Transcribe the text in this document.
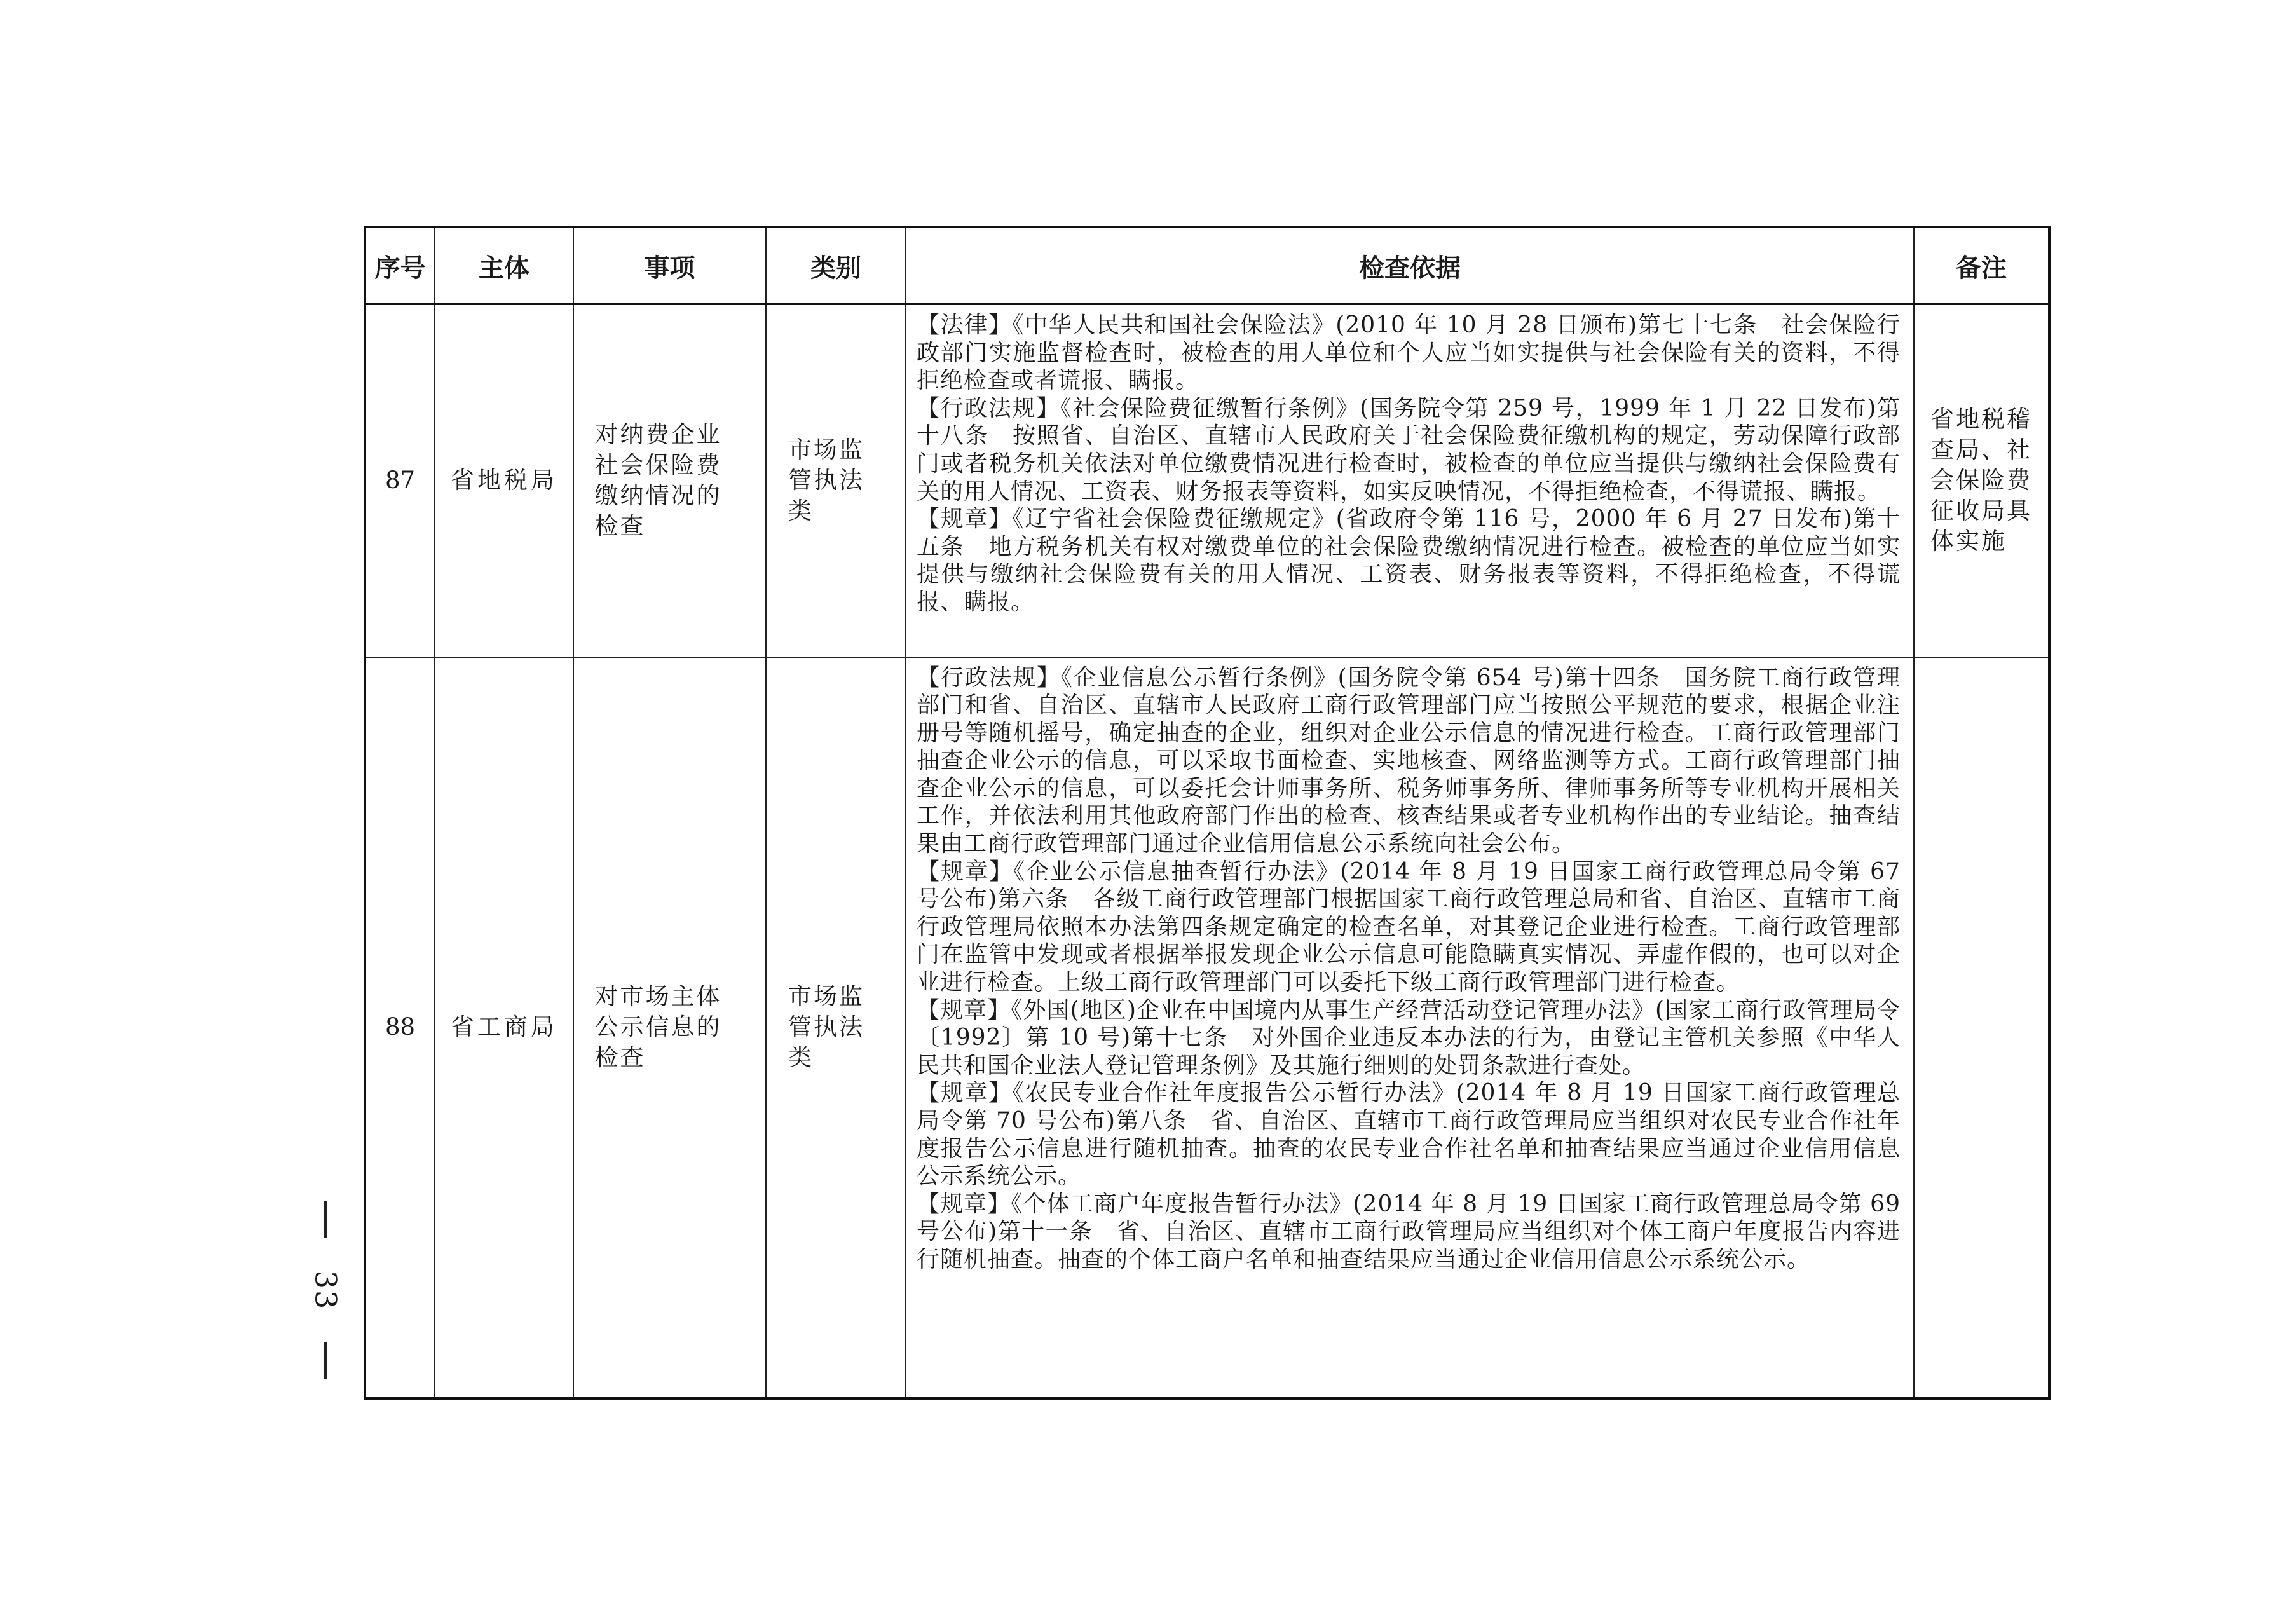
序号	主体	事项	类别	检查依据	备注
87	省地税局	对纳费企业社会保险费缴纳情况的检查	市场监管执法类	【法律】《中华人民共和国社会保险法》(2010 年 10 月 28 日颁布)第七十七条　社会保险行政部门实施监督检查时，被检查的用人单位和个人应当如实提供与社会保险有关的资料，不得拒绝检查或者谎报、瞒报。
【行政法规】《社会保险费征缴暂行条例》(国务院令第 259 号，1999 年 1 月 22 日发布)第十八条　按照省、自治区、直辖市人民政府关于社会保险费征缴机构的规定，劳动保障行政部门或者税务机关依法对单位缴费情况进行检查时，被检查的单位应当提供与缴纳社会保险费有关的用人情况、工资表、财务报表等资料，如实反映情况，不得拒绝检查，不得谎报、瞒报。
【规章】《辽宁省社会保险费征缴规定》(省政府令第 116 号，2000 年 6 月 27 日发布)第十五条　地方税务机关有权对缴费单位的社会保险费缴纳情况进行检查。被检查的单位应当如实提供与缴纳社会保险费有关的用人情况、工资表、财务报表等资料，不得拒绝检查，不得谎报、瞒报。	省地税稽查局、社会保险费征收局具体实施
88	省工商局	对市场主体公示信息的检查	市场监管执法类	【行政法规】《企业信息公示暂行条例》(国务院令第 654 号)第十四条　国务院工商行政管理部门和省、自治区、直辖市人民政府工商行政管理部门应当按照公平规范的要求，根据企业注册号等随机摇号，确定抽查的企业，组织对企业公示信息的情况进行检查。工商行政管理部门抽查企业公示的信息，可以采取书面检查、实地核查、网络监测等方式。工商行政管理部门抽查企业公示的信息，可以委托会计师事务所、税务师事务所、律师事务所等专业机构开展相关工作，并依法利用其他政府部门作出的检查、核查结果或者专业机构作出的专业结论。抽查结果由工商行政管理部门通过企业信用信息公示系统向社会公布。
【规章】《企业公示信息抽查暂行办法》(2014 年 8 月 19 日国家工商行政管理总局令第 67 号公布)第六条　各级工商行政管理部门根据国家工商行政管理总局和省、自治区、直辖市工商行政管理局依照本办法第四条规定确定的检查名单，对其登记企业进行检查。工商行政管理部门在监管中发现或者根据举报发现企业公示信息可能隐瞒真实情况、弄虚作假的，也可以对企业进行检查。上级工商行政管理部门可以委托下级工商行政管理部门进行检查。
【规章】《外国(地区)企业在中国境内从事生产经营活动登记管理办法》(国家工商行政管理局令〔1992〕第 10 号)第十七条　对外国企业违反本办法的行为，由登记主管机关参照《中华人民共和国企业法人登记管理条例》及其施行细则的处罚条款进行查处。
【规章】《农民专业合作社年度报告公示暂行办法》(2014 年 8 月 19 日国家工商行政管理总局令第 70 号公布)第八条　省、自治区、直辖市工商行政管理局应当组织对农民专业合作社年度报告公示信息进行随机抽查。抽查的农民专业合作社名单和抽查结果应当通过企业信用信息公示系统公示。
【规章】《个体工商户年度报告暂行办法》(2014 年 8 月 19 日国家工商行政管理总局令第 69 号公布)第十一条　省、自治区、直辖市工商行政管理局应当组织对个体工商户年度报告内容进行随机抽查。抽查的个体工商户名单和抽查结果应当通过企业信用信息公示系统公示。	

33
